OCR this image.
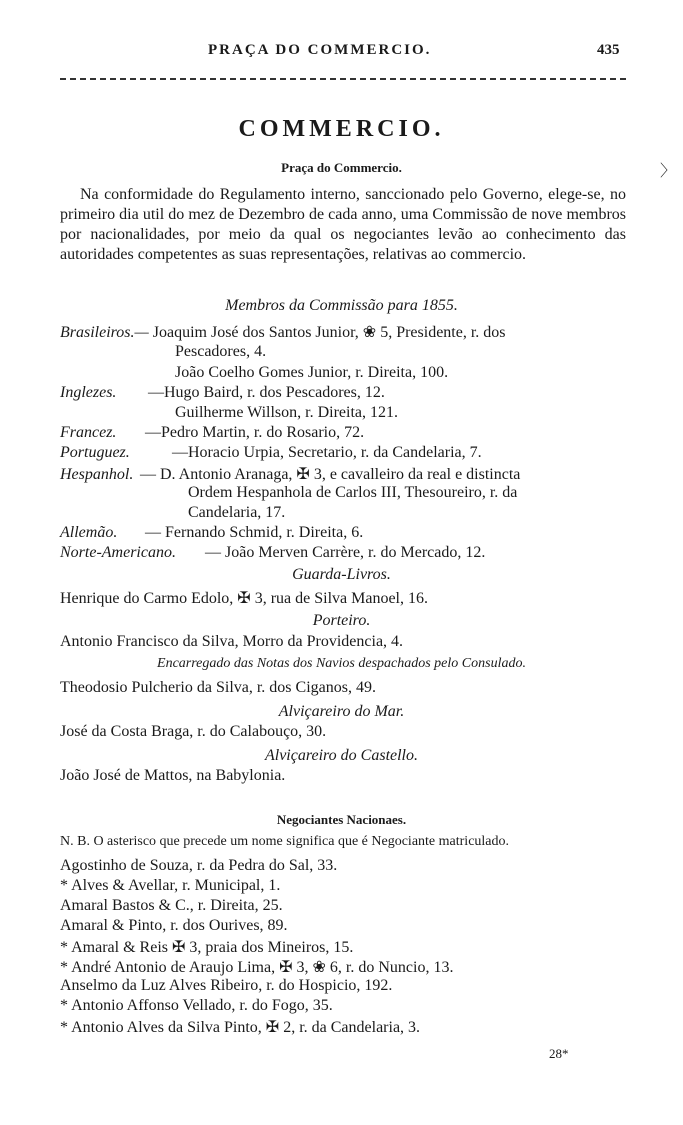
PRAÇA DO COMMERCIO.	435
COMMERCIO.
Praça do Commercio.	〉

Na conformidade do Regulamento interno, sanccionado pelo Governo, elege-se, no primeiro dia util do mez de Dezembro de cada anno, uma Commissão de nove membros por nacionalidades, por meio da qual os negociantes levão ao conhecimento das autoridades competentes as suas representações, relativas ao commercio.

Membros da Commissão para 1855.
Brasileiros.— Joaquim José dos Santos Junior, ❀ 5, Presidente, r. dos
Pescadores, 4.
João Coelho Gomes Junior, r. Direita, 100.
Inglezes. —Hugo Baird, r. dos Pescadores, 12.
Guilherme Willson, r. Direita, 121.
Francez. —Pedro Martin, r. do Rosario, 72.
Portuguez.	—Horacio Urpia, Secretario, r. da Candelaria, 7.
Hespanhol. — D. Antonio Aranaga, ✠ 3, e cavalleiro da real e distincta
Ordem Hespanhola de Carlos III, Thesoureiro, r. da
Candelaria, 17.
Allemão. — Fernando Schmid, r. Direita, 6.
Norte-Americano. — João Merven Carrère, r. do Mercado, 12.
Guarda-Livros.
Henrique do Carmo Edolo, ✠ 3, rua de Silva Manoel, 16.
Porteiro.
Antonio Francisco da Silva, Morro da Providencia, 4.
Encarregado das Notas dos Navios despachados pelo Consulado.
Theodosio Pulcherio da Silva, r. dos Ciganos, 49.
Alviçareiro do Mar.
José da Costa Braga, r. do Calabouço, 30.
Alviçareiro do Castello.
João José de Mattos, na Babylonia.
Negociantes Nacionaes.
N. B. O asterisco que precede um nome significa que é Negociante matriculado.
Agostinho de Souza, r. da Pedra do Sal, 33.
* Alves & Avellar, r. Municipal, 1.
Amaral Bastos & C., r. Direita, 25.
Amaral & Pinto, r. dos Ourives, 89.
* Amaral & Reis ✠ 3, praia dos Mineiros, 15.
* André Antonio de Araujo Lima, ✠ 3, ❀ 6, r. do Nuncio, 13.
Anselmo da Luz Alves Ribeiro, r. do Hospicio, 192.
* Antonio Affonso Vellado, r. do Fogo, 35.
* Antonio Alves da Silva Pinto, ✠ 2, r. da Candelaria, 3.
28*
